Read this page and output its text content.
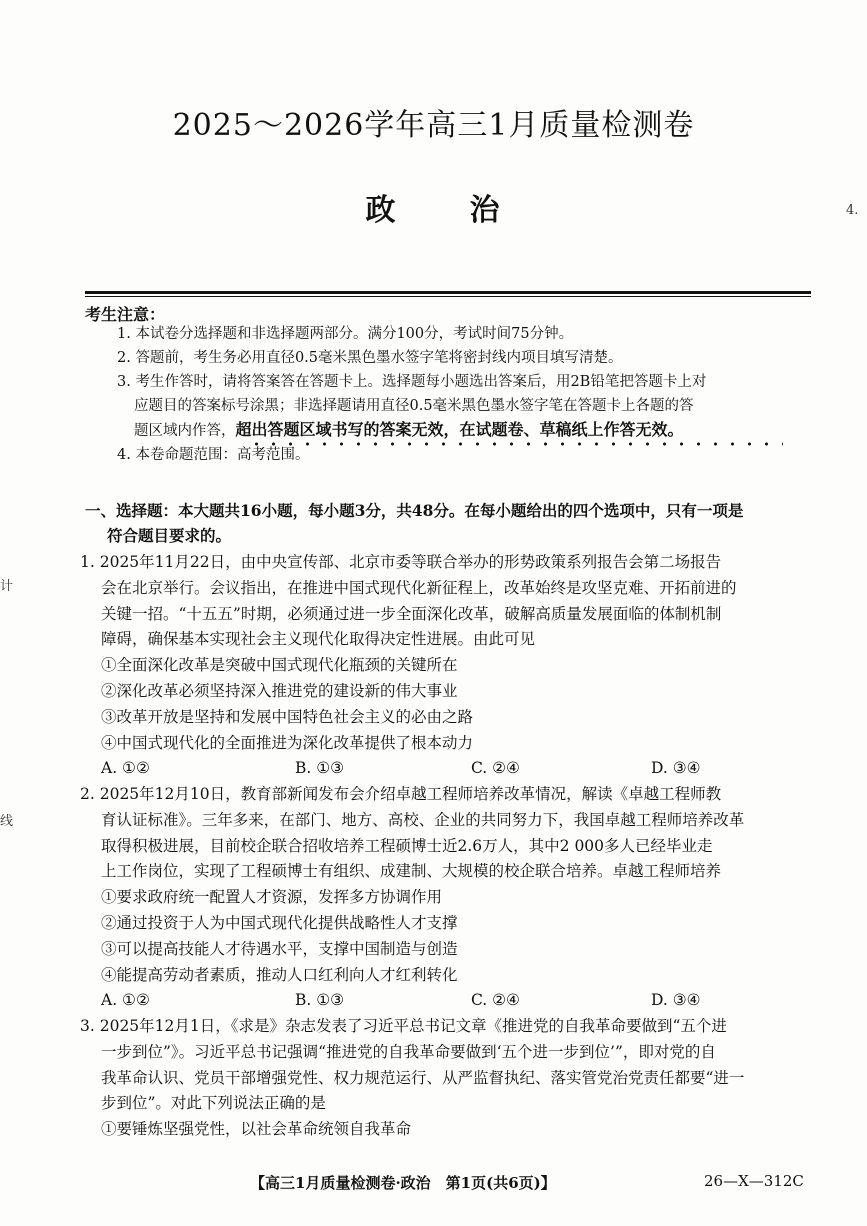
2025～2026学年高三1月质量检测卷
政 治	4.
计
线
考生注意：
1. 本试卷分选择题和非选择题两部分。满分100分，考试时间75分钟。
2. 答题前，考生务必用直径0.5毫米黑色墨水签字笔将密封线内项目填写清楚。
3. 考生作答时，请将答案答在答题卡上。选择题每小题选出答案后，用2B铅笔把答题卡上对
应题目的答案标号涂黑；非选择题请用直径0.5毫米黑色墨水签字笔在答题卡上各题的答
题区域内作答，超出答题区域书写的答案无效，在试题卷、草稿纸上作答无效。
4. 本卷命题范围：高考范围。
一、选择题：本大题共16小题，每小题3分，共48分。在每小题给出的四个选项中，只有一项是
符合题目要求的。
1. 2025年11月22日，由中央宣传部、北京市委等联合举办的形势政策系列报告会第二场报告
会在北京举行。会议指出，在推进中国式现代化新征程上，改革始终是攻坚克难、开拓前进的
关键一招。“十五五”时期，必须通过进一步全面深化改革，破解高质量发展面临的体制机制
障碍，确保基本实现社会主义现代化取得决定性进展。由此可见
①全面深化改革是突破中国式现代化瓶颈的关键所在
②深化改革必须坚持深入推进党的建设新的伟大事业
③改革开放是坚持和发展中国特色社会主义的必由之路
④中国式现代化的全面推进为深化改革提供了根本动力
A. ①②	B. ①③	C. ②④	D. ③④
2. 2025年12月10日，教育部新闻发布会介绍卓越工程师培养改革情况，解读《卓越工程师教
育认证标准》。三年多来，在部门、地方、高校、企业的共同努力下，我国卓越工程师培养改革
取得积极进展，目前校企联合招收培养工程硕博士近2.6万人，其中2 000多人已经毕业走
上工作岗位，实现了工程硕博士有组织、成建制、大规模的校企联合培养。卓越工程师培养
①要求政府统一配置人才资源，发挥多方协调作用
②通过投资于人为中国式现代化提供战略性人才支撑
③可以提高技能人才待遇水平，支撑中国制造与创造
④能提高劳动者素质，推动人口红利向人才红利转化
A. ①②	B. ①③	C. ②④	D. ③④
3. 2025年12月1日，《求是》杂志发表了习近平总书记文章《推进党的自我革命要做到“五个进
一步到位”》。习近平总书记强调“推进党的自我革命要做到‘五个进一步到位’”，即对党的自
我革命认识、党员干部增强党性、权力规范运行、从严监督执纪、落实管党治党责任都要“进一
步到位”。对此下列说法正确的是
①要锤炼坚强党性，以社会革命统领自我革命
【高三1月质量检测卷·政治　第1页(共6页)】	26—X—312C
